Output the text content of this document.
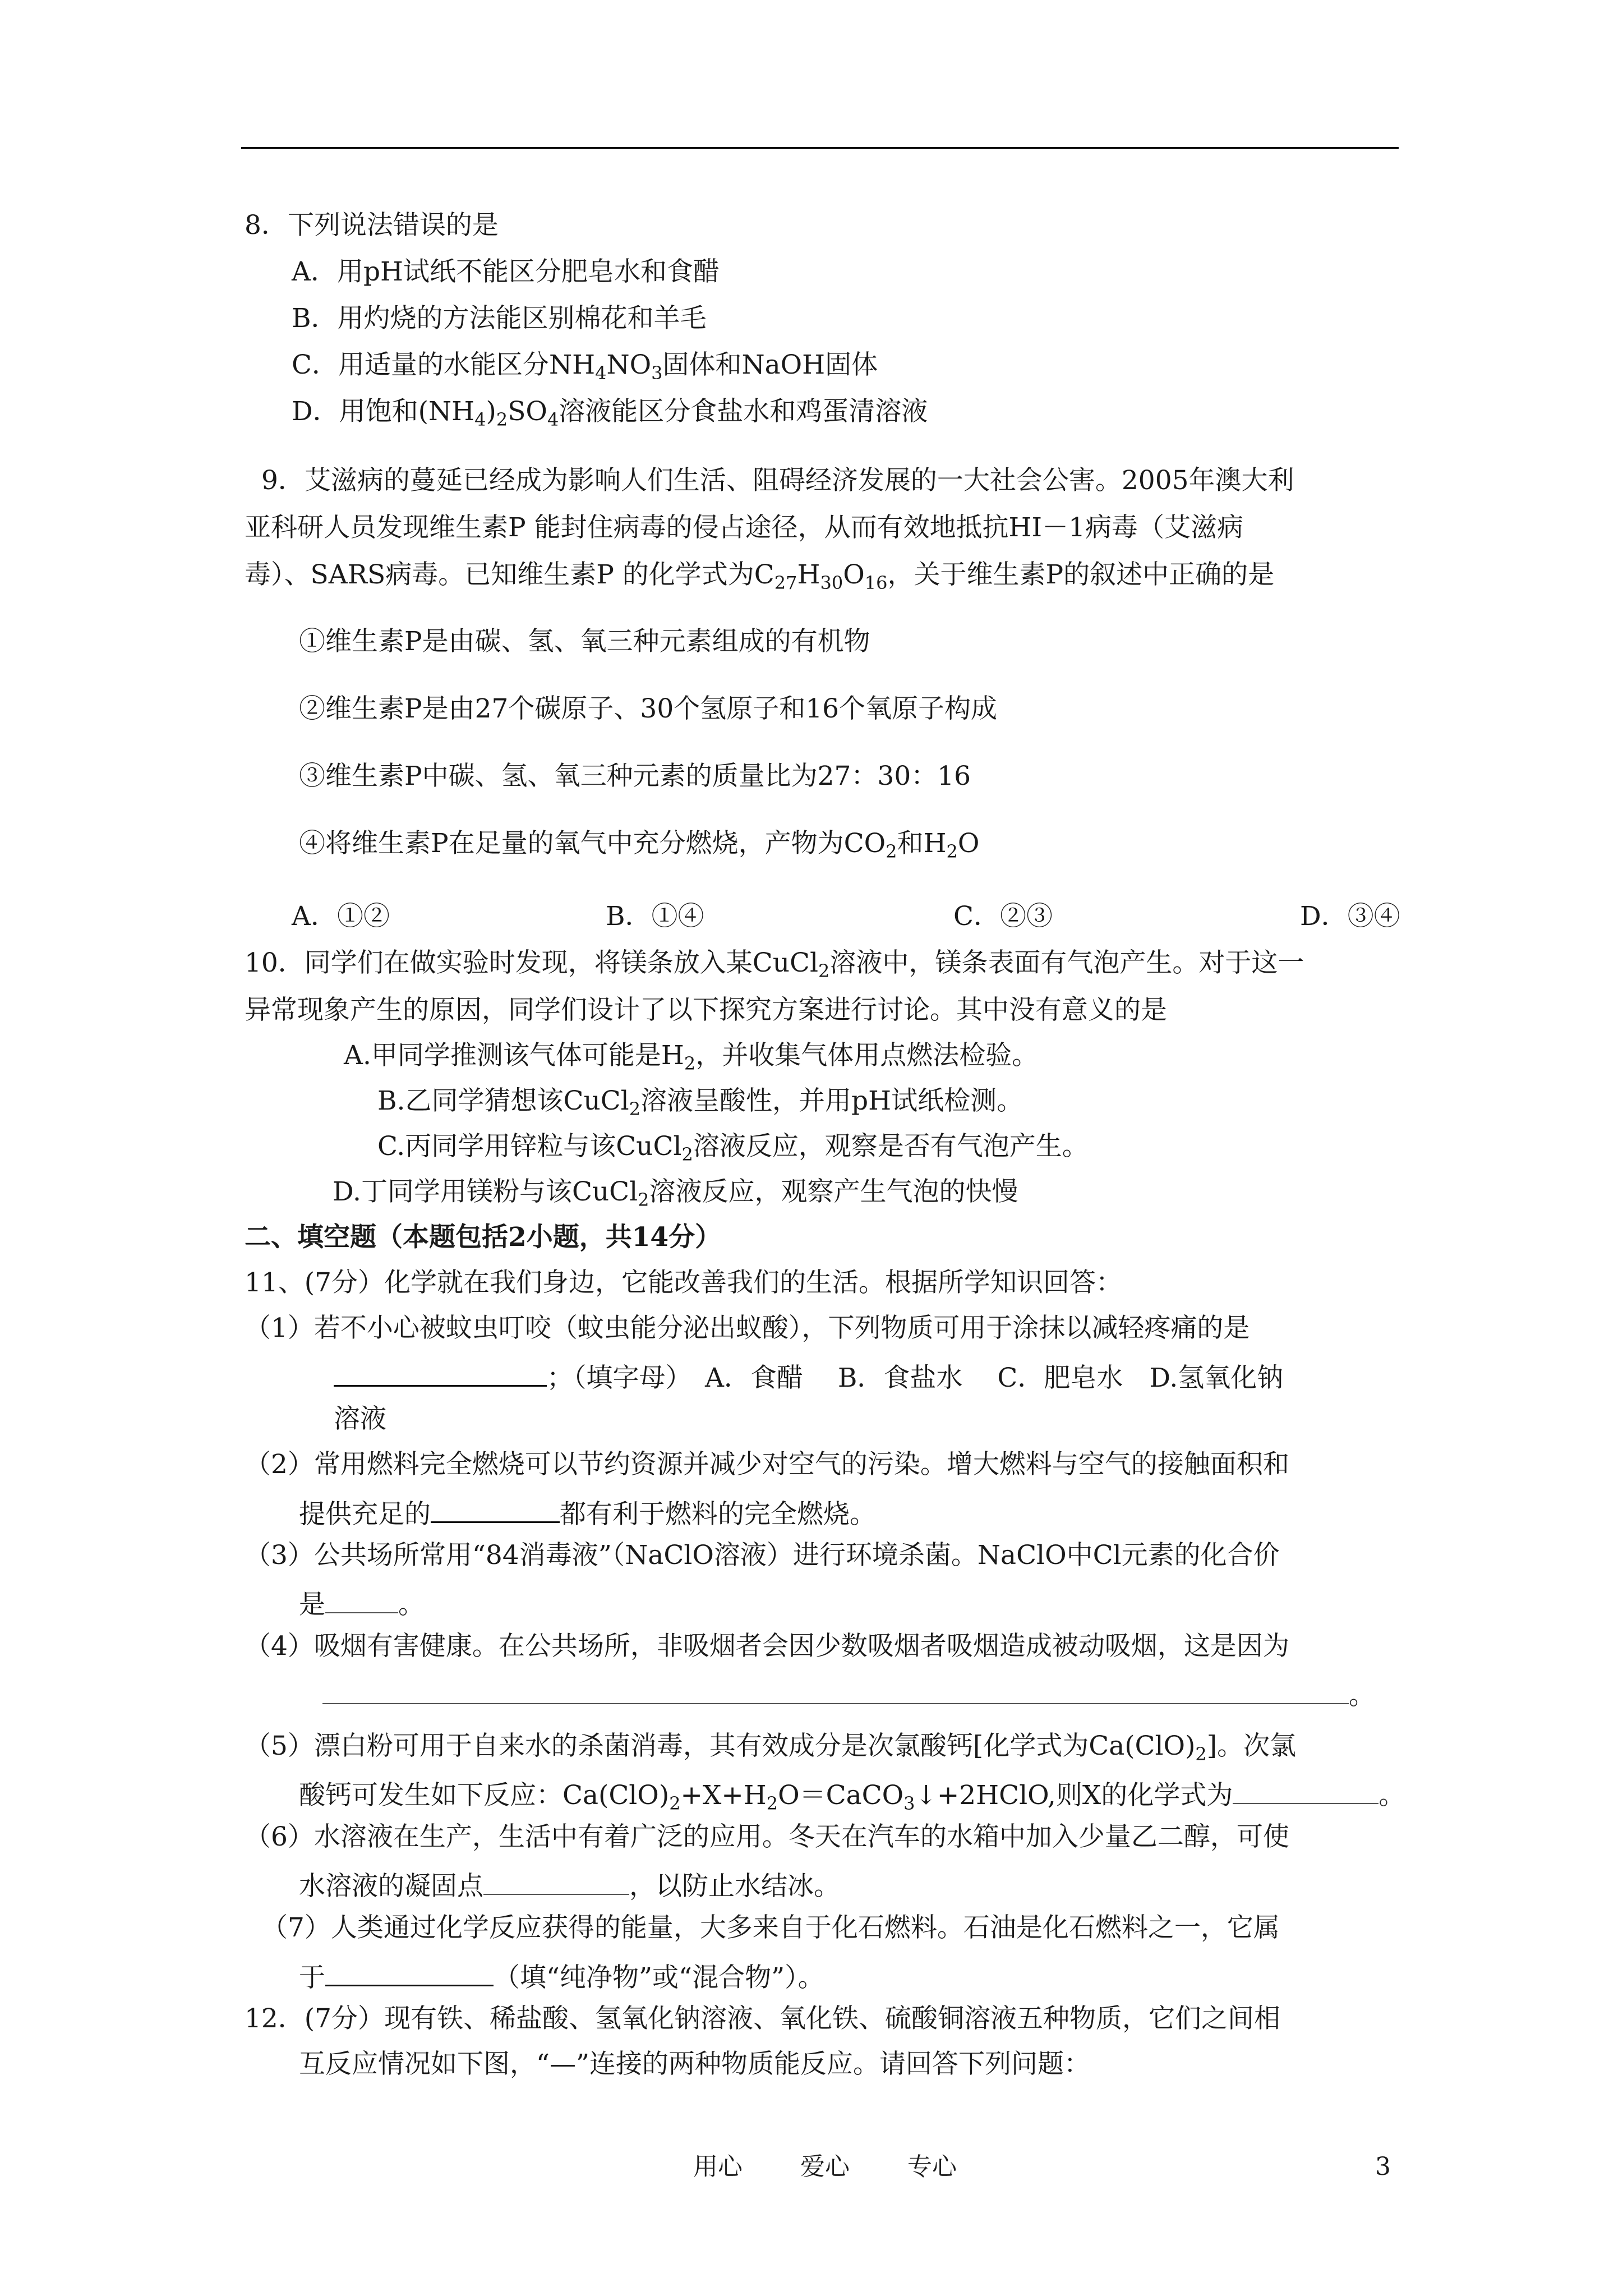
8．下列说法错误的是
A．用pH试纸不能区分肥皂水和食醋
B．用灼烧的方法能区别棉花和羊毛
C．用适量的水能区分$NH_4NO_3$固体和NaOH固体
D．用饱和$(NH_4)_2SO_4$溶液能区分食盐水和鸡蛋清溶液
9．艾滋病的蔓延已经成为影响人们生活、阻碍经济发展的一大社会公害。2005年澳大利
亚科研人员发现维生素P 能封住病毒的侵占途径，从而有效地抵抗HI－1病毒（艾滋病
毒）、SARS病毒。已知维生素P 的化学式为$C_{27}H_{30}O_{16}$，关于维生素P的叙述中正确的是
①维生素P是由碳、氢、氧三种元素组成的有机物
②维生素P是由27个碳原子、30个氢原子和16个氧原子构成
③维生素P中碳、氢、氧三种元素的质量比为27：30：16
④将维生素P在足量的氧气中充分燃烧，产物为$CO_2$和$H_2O$
A．①②	B．①④	C．②③	D．③④
10．同学们在做实验时发现，将镁条放入某CuCl$_2$溶液中，镁条表面有气泡产生。对于这一
异常现象产生的原因，同学们设计了以下探究方案进行讨论。其中没有意义的是
A.甲同学推测该气体可能是$H_2$，并收集气体用点燃法检验。
B.乙同学猜想该CuCl$_2$溶液呈酸性，并用pH试纸检测。
C.丙同学用锌粒与该CuCl$_2$溶液反应，观察是否有气泡产生。
D.丁同学用镁粉与该CuCl$_2$溶液反应，观察产生气泡的快慢
二、填空题（本题包括2小题，共14分）
11、(7分）化学就在我们身边，它能改善我们的生活。根据所学知识回答：
（1）若不小心被蚊虫叮咬（蚊虫能分泌出蚁酸），下列物质可用于涂抹以减轻疼痛的是
；（填字母）　A．食醋　 B．食盐水　 C．肥皂水　D.氢氧化钠
溶液
（2）常用燃料完全燃烧可以节约资源并减少对空气的污染。增大燃料与空气的接触面积和
提供充足的	都有利于燃料的完全燃烧。
（3）公共场所常用“84消毒液”（NaClO溶液）进行环境杀菌。NaClO中Cl元素的化合价
是	。
（4）吸烟有害健康。在公共场所，非吸烟者会因少数吸烟者吸烟造成被动吸烟，这是因为
。
（5）漂白粉可用于自来水的杀菌消毒，其有效成分是次氯酸钙[化学式为$Ca(ClO)_2$]。次氯
酸钙可发生如下反应：$Ca(ClO)_2+X+H_2O=CaCO_3↓+2HClO$,则X的化学式为	。
（6）水溶液在生产，生活中有着广泛的应用。冬天在汽车的水箱中加入少量乙二醇，可使
水溶液的凝固点	，以防止水结冰。
（7）人类通过化学反应获得的能量，大多来自于化石燃料。石油是化石燃料之一，它属
于	（填“纯净物”或“混合物”）。
12．(7分）现有铁、稀盐酸、氢氧化钠溶液、氧化铁、硫酸铜溶液五种物质，它们之间相
互反应情况如下图，“—”连接的两种物质能反应。请回答下列问题：
用心 爱心 专心	3
